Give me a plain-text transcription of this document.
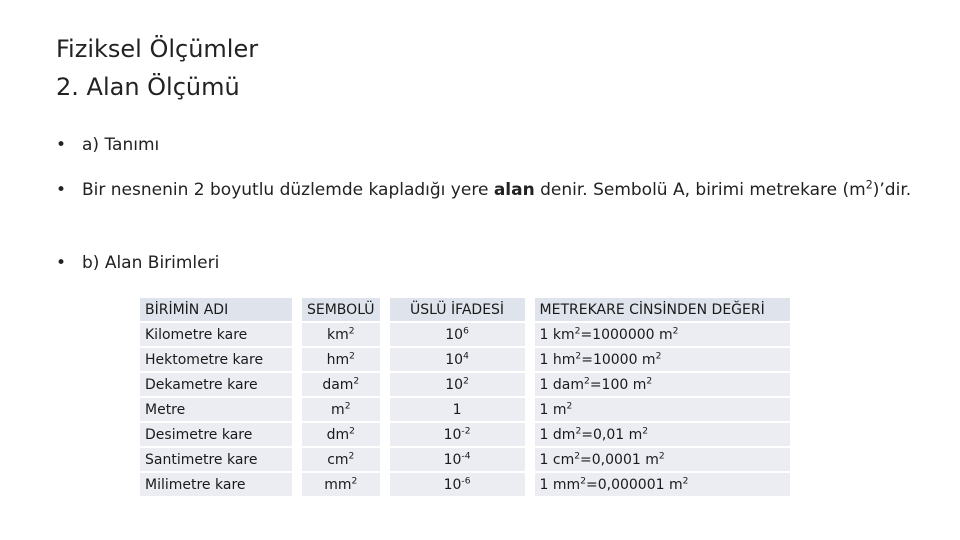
Fiziksel Ölçümler
2. Alan Ölçümü
• a) Tanımı
• Bir nesnenin 2 boyutlu düzlemde kapladığı yere alan denir. Sembolü A, birimi metrekare $(m^2)’dir$.
• b) Alan Birimleri
BİRİMİN ADI		SEMBOLÜ		ÜSLÜ İFADESİ		METREKARE CİNSİNDEN DEĞERİ
Kilometre kare		$km^2$		$10^6$		1 $km^2=1000000$ $m^2$
Hektometre kare		$hm^2$		$10^4$		1 $hm^2=10000$ $m^2$
Dekametre kare		dam$^2$		$10^2$		1 dam$^2$=100 $m^2$
Metre		$m^2$		1		1 $m^2$
Desimetre kare		$dm^2$		$10^{-2}$		1 $dm^2=0,01$ $m^2$
Santimetre kare		$cm^2$		$10^{-4}$		1 $cm^2=0,0001$ $m^2$
Milimetre kare		$mm^2$		$10^{-6}$		1 $mm^2=0,000001$ $m^2$
